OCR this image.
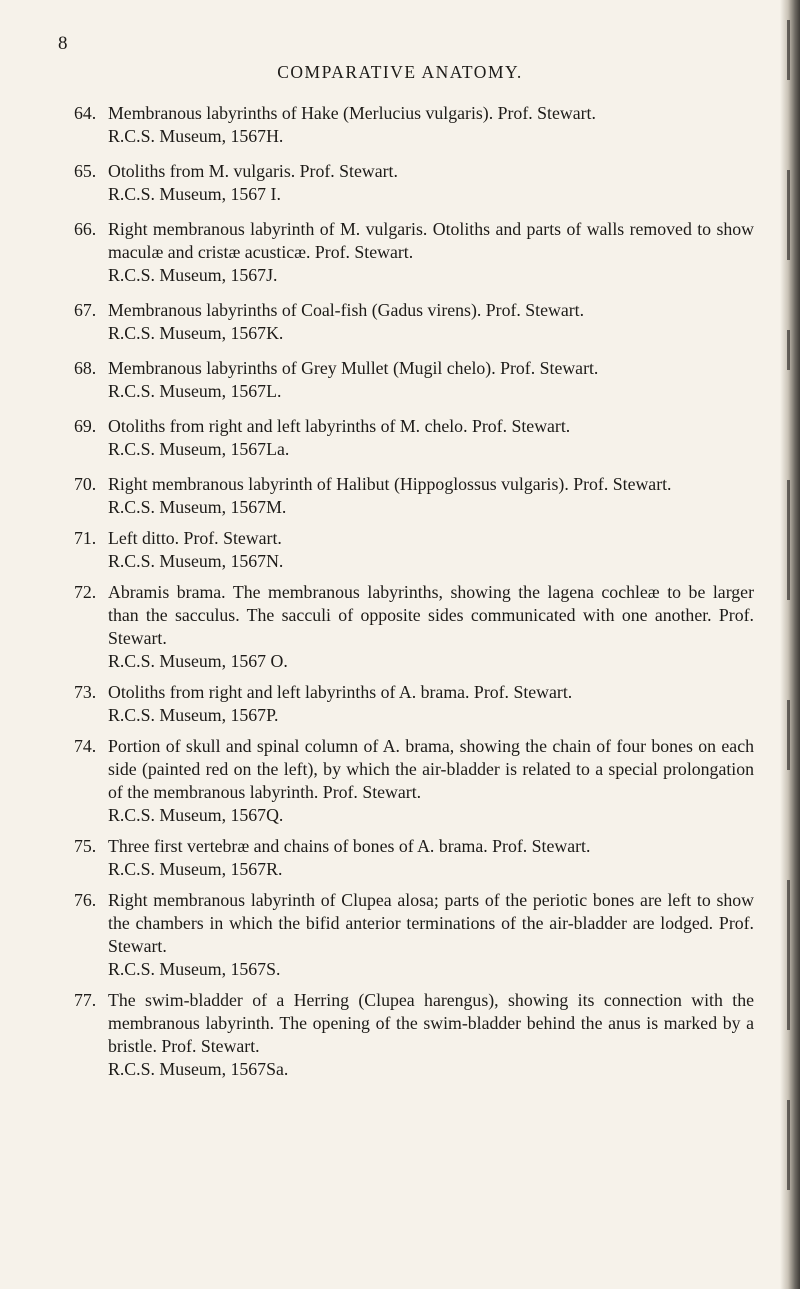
8
COMPARATIVE ANATOMY.
64. Membranous labyrinths of Hake (Merlucius vulgaris). Prof. Stewart.
R.C.S. Museum, 1567H.
65. Otoliths from M. vulgaris. Prof. Stewart.
R.C.S. Museum, 1567 I.
66. Right membranous labyrinth of M. vulgaris. Otoliths and parts of walls removed to show maculæ and cristæ acusticæ. Prof. Stewart.
R.C.S. Museum, 1567J.
67. Membranous labyrinths of Coal-fish (Gadus virens). Prof. Stewart.
R.C.S. Museum, 1567K.
68. Membranous labyrinths of Grey Mullet (Mugil chelo). Prof. Stewart.
R.C.S. Museum, 1567L.
69. Otoliths from right and left labyrinths of M. chelo. Prof. Stewart.
R.C.S. Museum, 1567La.
70. Right membranous labyrinth of Halibut (Hippoglossus vulgaris). Prof. Stewart.
R.C.S. Museum, 1567M.
71. Left ditto. Prof. Stewart.
R.C.S. Museum, 1567N.
72. Abramis brama. The membranous labyrinths, showing the lagena cochleæ to be larger than the sacculus. The sacculi of opposite sides communicated with one another. Prof. Stewart.
R.C.S. Museum, 1567 O.
73. Otoliths from right and left labyrinths of A. brama. Prof. Stewart.
R.C.S. Museum, 1567P.
74. Portion of skull and spinal column of A. brama, showing the chain of four bones on each side (painted red on the left), by which the air-bladder is related to a special prolongation of the membranous labyrinth. Prof. Stewart.
R.C.S. Museum, 1567Q.
75. Three first vertebræ and chains of bones of A. brama. Prof. Stewart.
R.C.S. Museum, 1567R.
76. Right membranous labyrinth of Clupea alosa; parts of the periotic bones are left to show the chambers in which the bifid anterior terminations of the air-bladder are lodged. Prof. Stewart.
R.C.S. Museum, 1567S.
77. The swim-bladder of a Herring (Clupea harengus), showing its connection with the membranous labyrinth. The opening of the swim-bladder behind the anus is marked by a bristle. Prof. Stewart.
R.C.S. Museum, 1567Sa.
